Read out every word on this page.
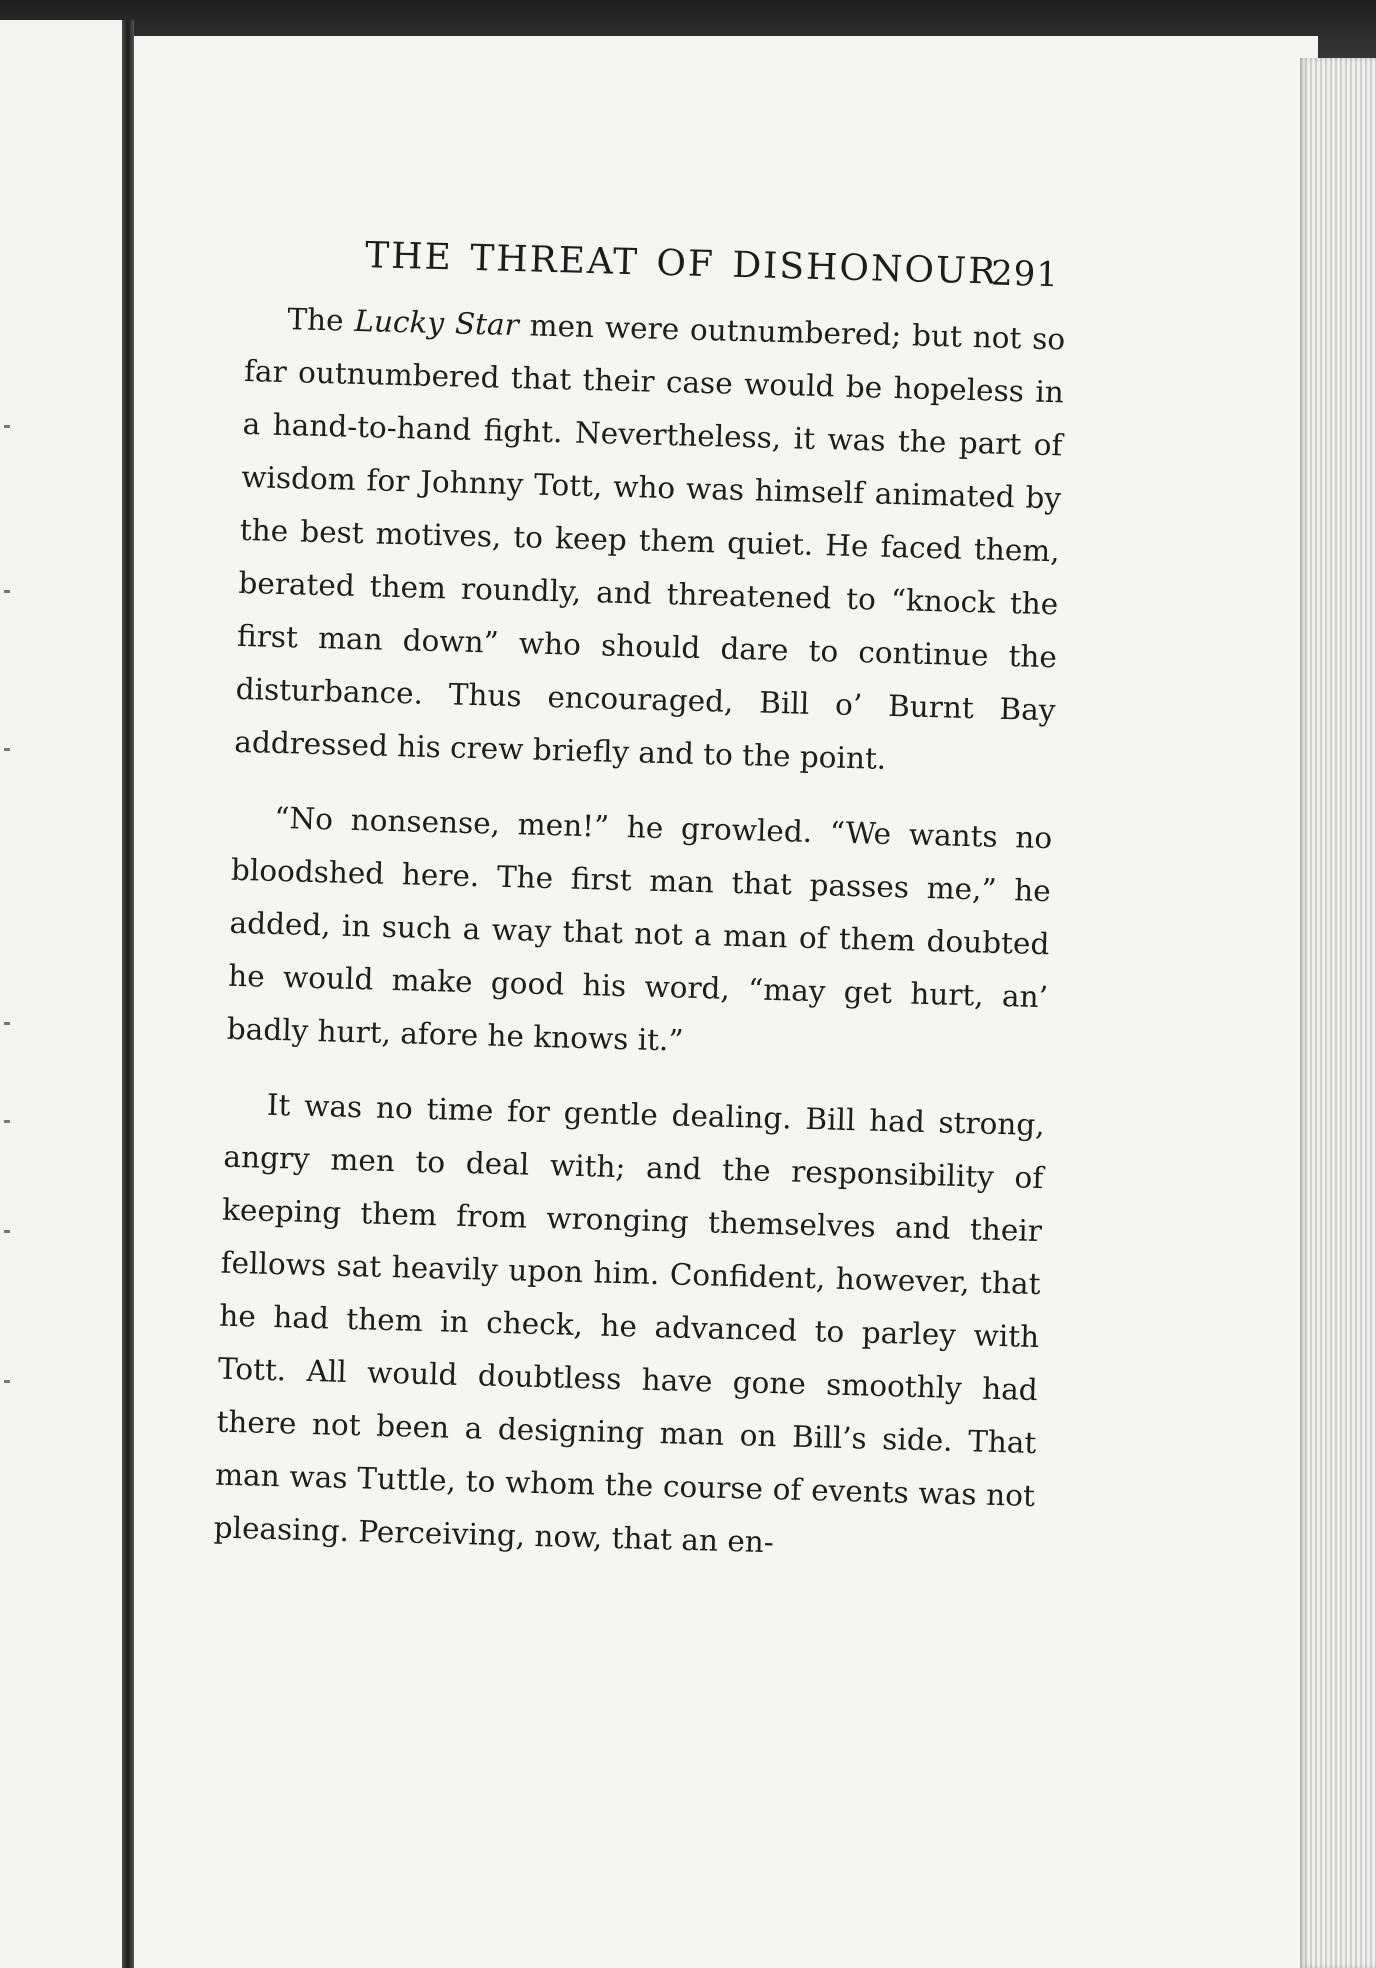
THE THREAT OF DISHONOUR
291

The Lucky Star men were outnumbered; but not so far outnumbered that their case would be hopeless in a hand-to-hand fight. Nevertheless, it was the part of wisdom for Johnny Tott, who was himself animated by the best motives, to keep them quiet. He faced them, berated them roundly, and threatened to “knock the first man down” who should dare to continue the disturbance. Thus encouraged, Bill o’ Burnt Bay addressed his crew briefly and to the point.

“No nonsense, men!” he growled. “We wants no bloodshed here. The first man that passes me,” he added, in such a way that not a man of them doubted he would make good his word, “may get hurt, an’ badly hurt, afore he knows it.”

It was no time for gentle dealing. Bill had strong, angry men to deal with; and the responsibility of keeping them from wronging themselves and their fellows sat heavily upon him. Confident, however, that he had them in check, he advanced to parley with Tott. All would doubtless have gone smoothly had there not been a designing man on Bill’s side. That man was Tuttle, to whom the course of events was not pleasing. Perceiving, now, that an en-
